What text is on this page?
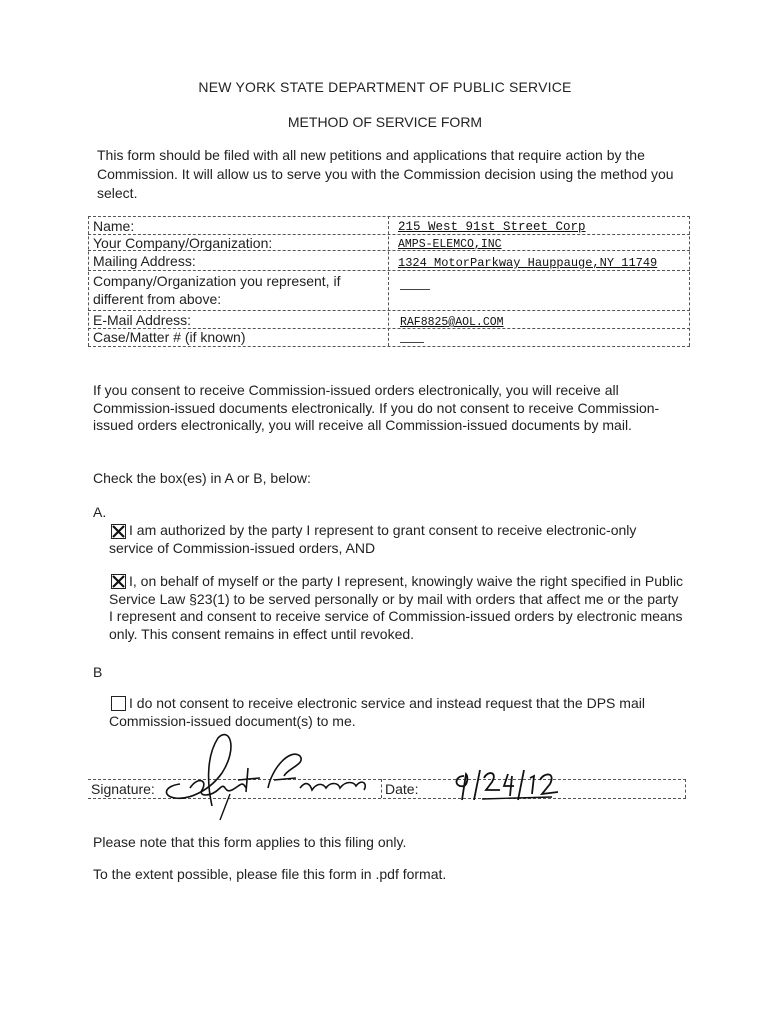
NEW YORK STATE DEPARTMENT OF PUBLIC SERVICE
METHOD OF SERVICE FORM
This form should be filed with all new petitions and applications that require action by the Commission. It will allow us to serve you with the Commission decision using the method you select.
Name:	215 West 91st Street Corp
Your Company/Organization:	AMPS-ELEMCO,INC
Mailing Address:	1324 MotorParkway Hauppauge,NY 11749
Company/Organization you represent, if
different from above:
E-Mail Address:	RAF8825@AOL.COM
Case/Matter # (if known)
If you consent to receive Commission-issued orders electronically, you will receive all Commission-issued documents electronically. If you do not consent to receive Commission-issued orders electronically, you will receive all Commission-issued documents by mail.
Check the box(es) in A or B, below:
A.
I am authorized by the party I represent to grant consent to receive electronic-only service of Commission-issued orders, AND
I, on behalf of myself or the party I represent, knowingly waive the right specified in Public Service Law §23(1) to be served personally or by mail with orders that affect me or the party I represent and consent to receive service of Commission-issued orders by electronic means only. This consent remains in effect until revoked.
B
I do not consent to receive electronic service and instead request that the DPS mail Commission-issued document(s) to me.
Signature:	Date:
Please note that this form applies to this filing only.
To the extent possible, please file this form in .pdf format.
